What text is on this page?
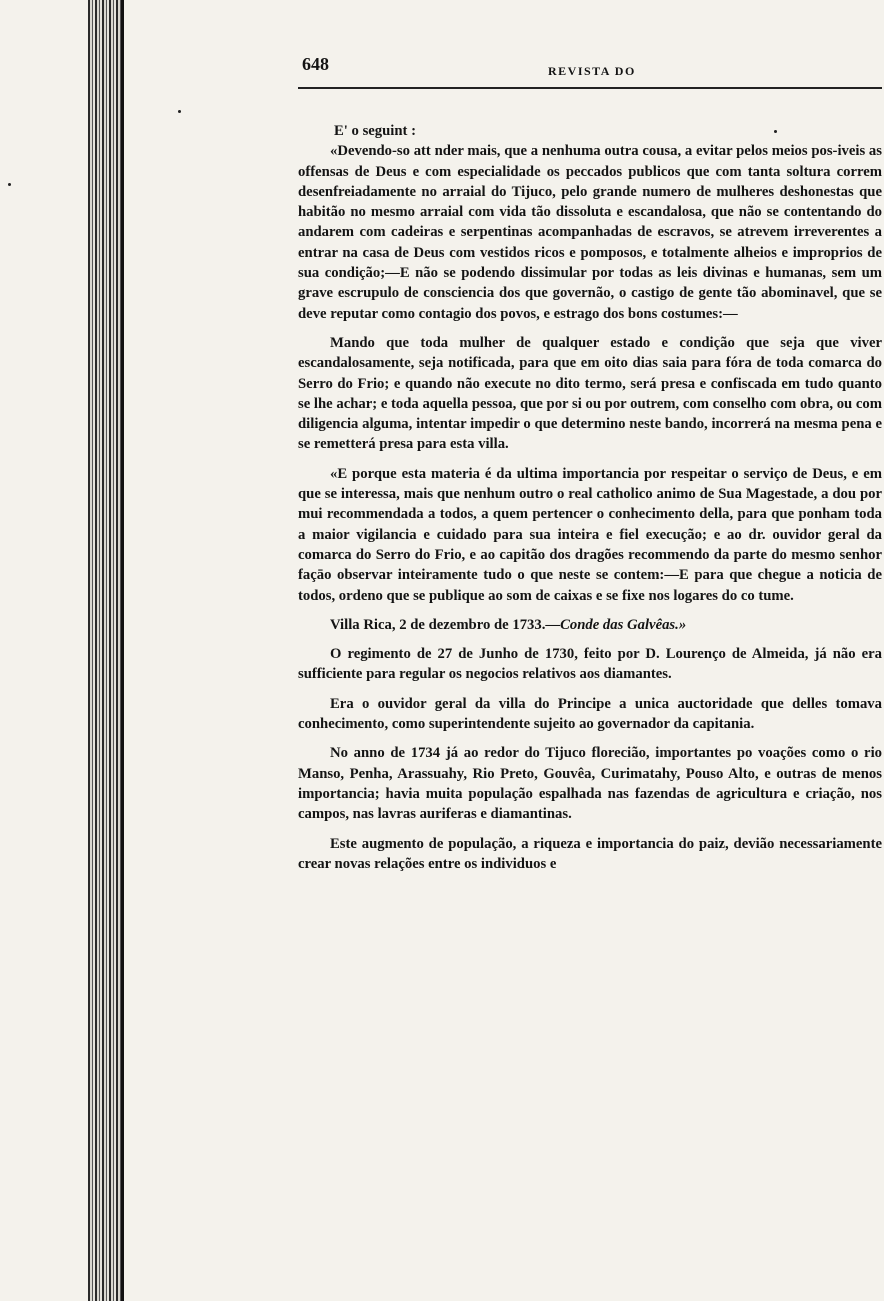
648	REVISTA DO

E' o seguint :

«Devendo-so att nder mais, que a nenhuma outra cousa, a evitar pelos meios pos-iveis as offensas de Deus e com especialidade os peccados publicos que com tanta soltura correm desenfreiadamente no arraial do Tijuco, pelo grande numero de mulheres deshonestas que habitão no mesmo arraial com vida tão dissoluta e escandalosa, que não se contentando do andarem com cadeiras e serpentinas acompanhadas de escravos, se atrevem irreverentes a entrar na casa de Deus com vestidos ricos e pomposos, e totalmente alheios e improprios de sua condição;—E não se podendo dissimular por todas as leis divinas e humanas, sem um grave escrupulo de consciencia dos que governão, o castigo de gente tão abominavel, que se deve reputar como contagio dos povos, e estrago dos bons costumes:—

Mando que toda mulher de qualquer estado e condição que seja que viver escandalosamente, seja notificada, para que em oito dias saia para fóra de toda comarca do Serro do Frio; e quando não execute no dito termo, será presa e confiscada em tudo quanto se lhe achar; e toda aquella pessoa, que por si ou por outrem, com conselho com obra, ou com diligencia alguma, intentar impedir o que determino neste bando, incorrerá na mesma pena e se remetterá presa para esta villa.

«E porque esta materia é da ultima importancia por respeitar o serviço de Deus, e em que se interessa, mais que nenhum outro o real catholico animo de Sua Magestade, a dou por mui recommendada a todos, a quem pertencer o conhecimento della, para que ponham toda a maior vigilancia e cuidado para sua inteira e fiel execução; e ao dr. ouvidor geral da comarca do Serro do Frio, e ao capitão dos dragões recommendo da parte do mesmo senhor façāo observar inteiramente tudo o que neste se contem:—E para que chegue a noticia de todos, ordeno que se publique ao som de caixas e se fixe nos logares do co tume.

Villa Rica, 2 de dezembro de 1733.—Conde das Galvêas.»

O regimento de 27 de Junho de 1730, feito por D. Lourenço de Almeida, já não era sufficiente para regular os negocios relativos aos diamantes.

Era o ouvidor geral da villa do Principe a unica auctoridade que delles tomava conhecimento, como superintendente sujeito ao governador da capitania.

No anno de 1734 já ao redor do Tijuco florecião, importantes po voações como o rio Manso, Penha, Arassuahy, Rio Preto, Gouvêa, Curimatahy, Pouso Alto, e outras de menos importancia; havia muita população espalhada nas fazendas de agricultura e criação, nos campos, nas lavras auriferas e diamantinas.

Este augmento de população, a riqueza e importancia do paiz, devião necessariamente crear novas relações entre os individuos e
